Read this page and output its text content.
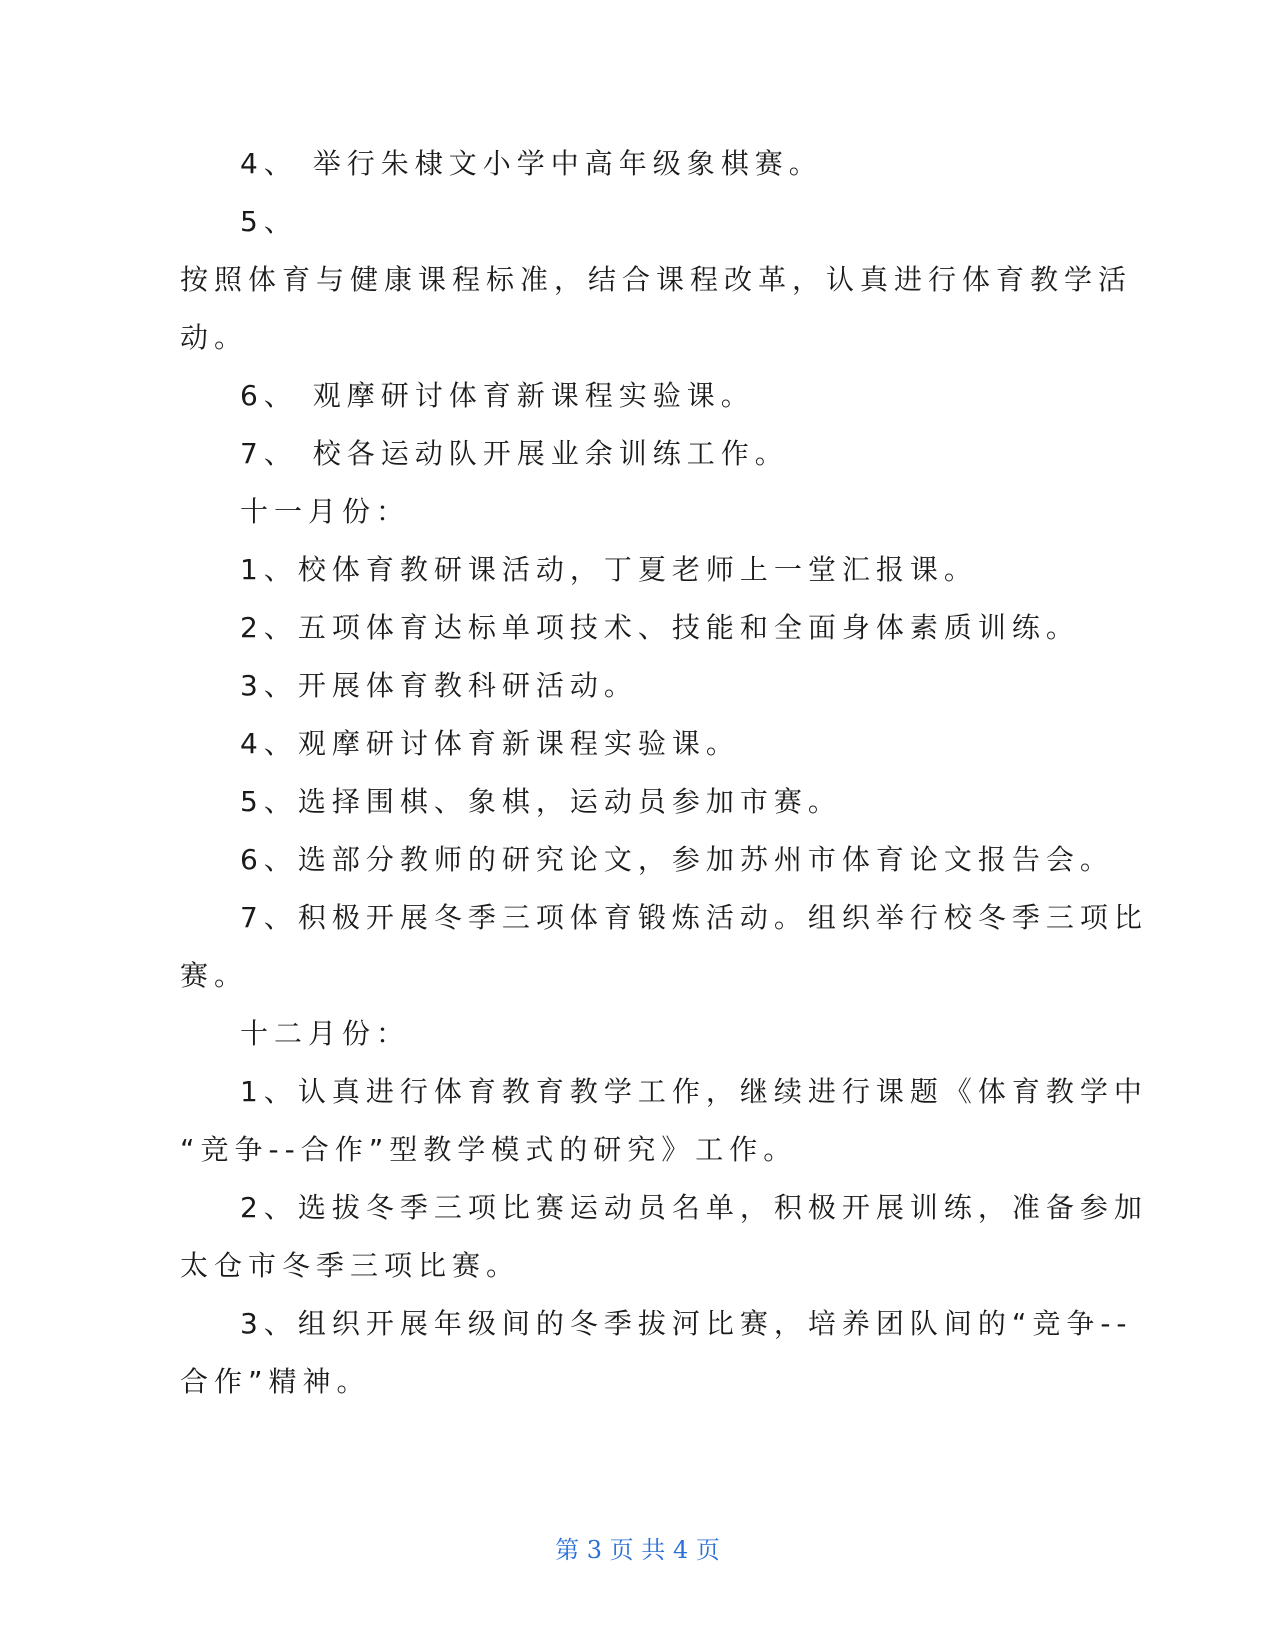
4、 举行朱棣文小学中高年级象棋赛。
5、
按照体育与健康课程标准，结合课程改革，认真进行体育教学活
动。
6、 观摩研讨体育新课程实验课。
7、 校各运动队开展业余训练工作。
十一月份：
1、校体育教研课活动，丁夏老师上一堂汇报课。
2、五项体育达标单项技术、技能和全面身体素质训练。
3、开展体育教科研活动。
4、观摩研讨体育新课程实验课。
5、选择围棋、象棋，运动员参加市赛。
6、选部分教师的研究论文，参加苏州市体育论文报告会。
7、积极开展冬季三项体育锻炼活动。组织举行校冬季三项比
赛。
十二月份：
1、认真进行体育教育教学工作，继续进行课题《体育教学中
“竞争--合作”型教学模式的研究》工作。
2、选拔冬季三项比赛运动员名单，积极开展训练，准备参加
太仓市冬季三项比赛。
3、组织开展年级间的冬季拔河比赛，培养团队间的“竞争--
合作”精神。
第 3 页 共 4 页
